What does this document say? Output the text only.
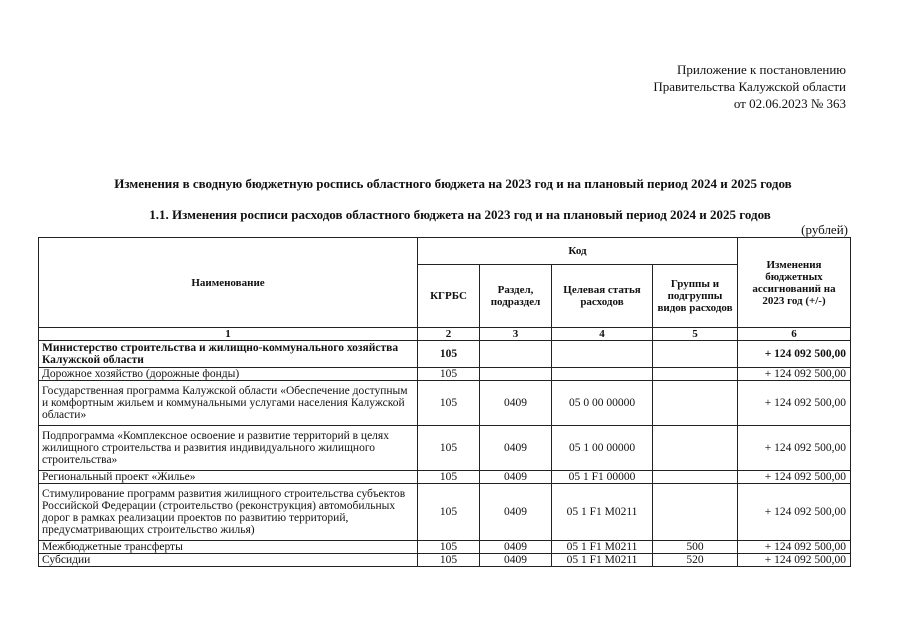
Приложение к постановлению
Правительства Калужской области
от 02.06.2023 № 363
Изменения в сводную бюджетную роспись областного бюджета на 2023 год и на плановый период 2024 и 2025 годов
1.1. Изменения росписи расходов областного бюджета на 2023 год и на плановый период 2024 и 2025 годов
(рублей)
Наименование	Код				Изменения бюджетных ассигнований на 2023 год (+/-)
	КГРБС	Раздел, подраздел	Целевая статья расходов	Группы и подгруппы видов расходов	
1	2	3	4	5	6
Министерство строительства и жилищно-коммунального хозяйства Калужской области	105				+ 124 092 500,00
Дорожное хозяйство (дорожные фонды)	105				+ 124 092 500,00
Государственная программа Калужской области «Обеспечение доступным и комфортным жильем и коммунальными услугами населения Калужской области»	105	0409	05 0 00 00000		+ 124 092 500,00
Подпрограмма «Комплексное освоение и развитие территорий в целях жилищного строительства и развития индивидуального жилищного строительства»	105	0409	05 1 00 00000		+ 124 092 500,00
Региональный проект «Жилье»	105	0409	05 1 F1 00000		+ 124 092 500,00
Стимулирование программ развития жилищного строительства субъектов Российской Федерации (строительство (реконструкция) автомобильных дорог в рамках реализации проектов по развитию территорий, предусматривающих строительство жилья)	105	0409	05 1 F1 M0211		+ 124 092 500,00
Межбюджетные трансферты	105	0409	05 1 F1 M0211	500	+ 124 092 500,00
Субсидии	105	0409	05 1 F1 M0211	520	+ 124 092 500,00
